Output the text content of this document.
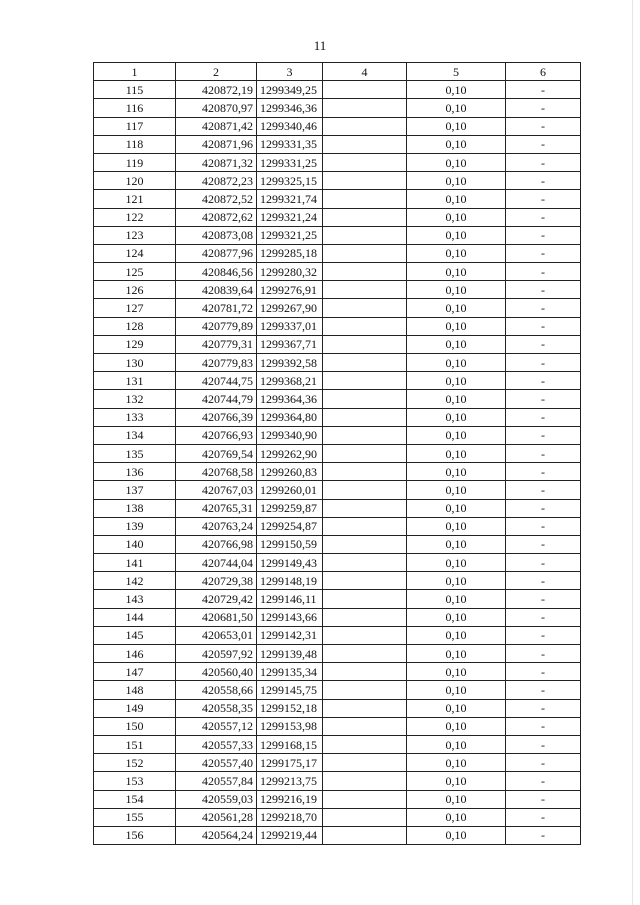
11
1	2	3	4	5	6
115	420872,19	1299349,25		0,10	-
116	420870,97	1299346,36		0,10	-
117	420871,42	1299340,46		0,10	-
118	420871,96	1299331,35		0,10	-
119	420871,32	1299331,25		0,10	-
120	420872,23	1299325,15		0,10	-
121	420872,52	1299321,74		0,10	-
122	420872,62	1299321,24		0,10	-
123	420873,08	1299321,25		0,10	-
124	420877,96	1299285,18		0,10	-
125	420846,56	1299280,32		0,10	-
126	420839,64	1299276,91		0,10	-
127	420781,72	1299267,90		0,10	-
128	420779,89	1299337,01		0,10	-
129	420779,31	1299367,71		0,10	-
130	420779,83	1299392,58		0,10	-
131	420744,75	1299368,21		0,10	-
132	420744,79	1299364,36		0,10	-
133	420766,39	1299364,80		0,10	-
134	420766,93	1299340,90		0,10	-
135	420769,54	1299262,90		0,10	-
136	420768,58	1299260,83		0,10	-
137	420767,03	1299260,01		0,10	-
138	420765,31	1299259,87		0,10	-
139	420763,24	1299254,87		0,10	-
140	420766,98	1299150,59		0,10	-
141	420744,04	1299149,43		0,10	-
142	420729,38	1299148,19		0,10	-
143	420729,42	1299146,11		0,10	-
144	420681,50	1299143,66		0,10	-
145	420653,01	1299142,31		0,10	-
146	420597,92	1299139,48		0,10	-
147	420560,40	1299135,34		0,10	-
148	420558,66	1299145,75		0,10	-
149	420558,35	1299152,18		0,10	-
150	420557,12	1299153,98		0,10	-
151	420557,33	1299168,15		0,10	-
152	420557,40	1299175,17		0,10	-
153	420557,84	1299213,75		0,10	-
154	420559,03	1299216,19		0,10	-
155	420561,28	1299218,70		0,10	-
156	420564,24	1299219,44		0,10	-
